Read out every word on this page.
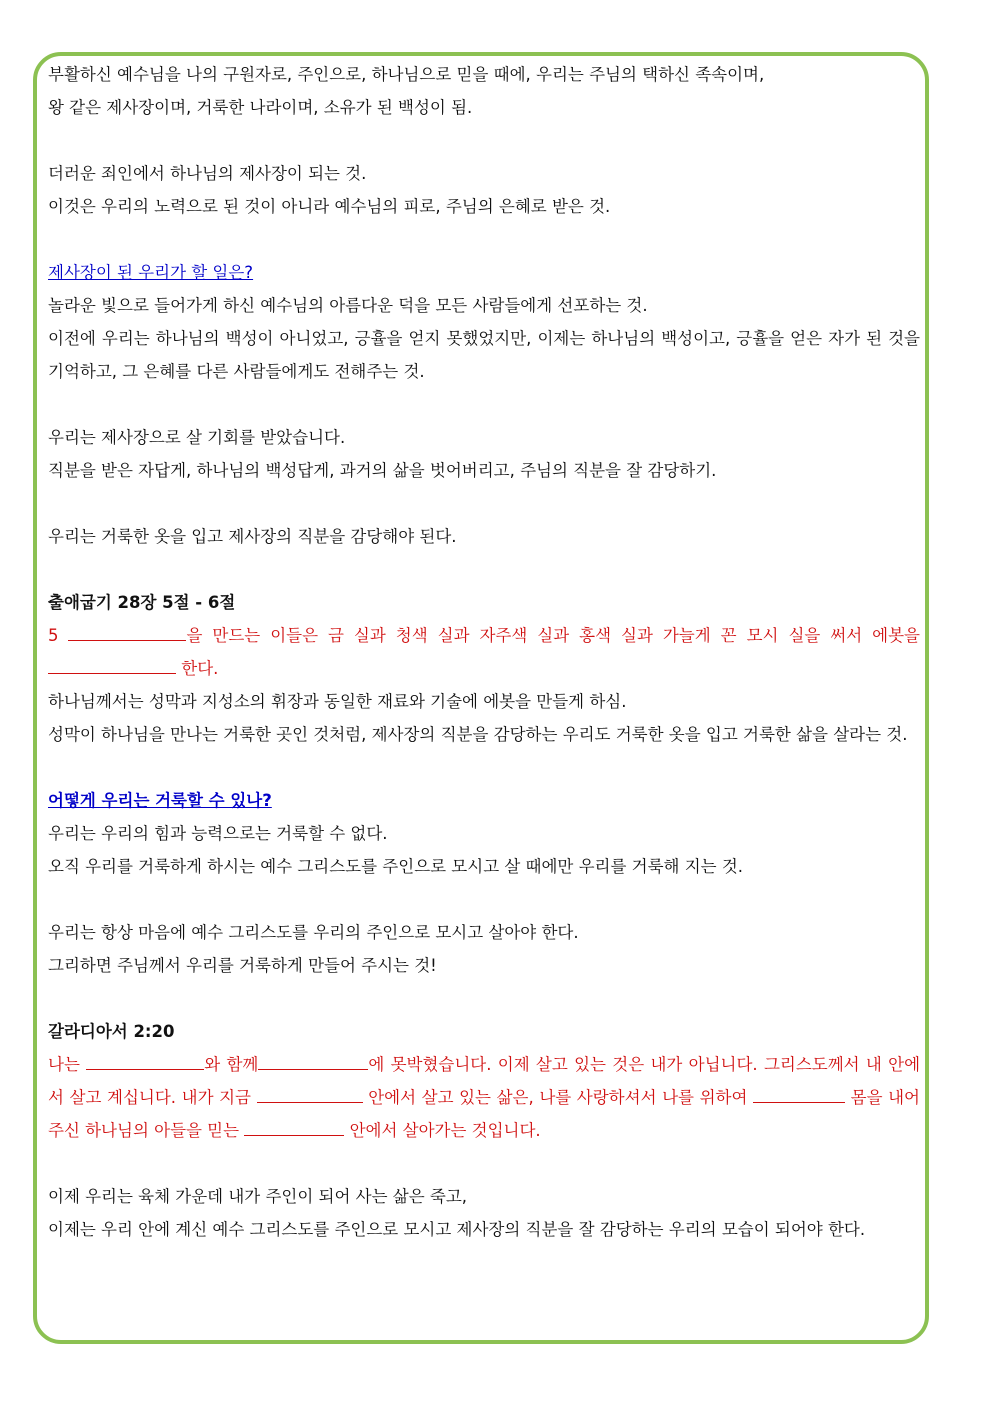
부활하신 예수님을 나의 구원자로, 주인으로, 하나님으로 믿을 때에, 우리는 주님의 택하신 족속이며,

왕 같은 제사장이며, 거룩한 나라이며, 소유가 된 백성이 됨.

더러운 죄인에서 하나님의 제사장이 되는 것.

이것은 우리의 노력으로 된 것이 아니라 예수님의 피로, 주님의 은혜로 받은 것.

제사장이 된 우리가 할 일은?

놀라운 빛으로 들어가게 하신 예수님의 아름다운 덕을 모든 사람들에게 선포하는 것.

이전에 우리는 하나님의 백성이 아니었고, 긍휼을 얻지 못했었지만, 이제는 하나님의 백성이고, 긍휼을 얻은 자가 된 것을 기억하고, 그 은혜를 다른 사람들에게도 전해주는 것.

우리는 제사장으로 살 기회를 받았습니다.

직분을 받은 자답게, 하나님의 백성답게, 과거의 삶을 벗어버리고, 주님의 직분을 잘 감당하기.

우리는 거룩한 옷을 입고 제사장의 직분을 감당해야 된다.

출애굽기 28장 5절 - 6절

5	을 만드는 이들은 금 실과 청색 실과 자주색 실과 홍색 실과 가늘게 꼰 모시 실을 써서 에봇을  한다.

하나님께서는 성막과 지성소의 휘장과 동일한 재료와 기술에 에봇을 만들게 하심.

성막이 하나님을 만나는 거룩한 곳인 것처럼, 제사장의 직분을 감당하는 우리도 거룩한 옷을 입고 거룩한 삶을 살라는 것.

어떻게 우리는 거룩할 수 있나?

우리는 우리의 힘과 능력으로는 거룩할 수 없다.

오직 우리를 거룩하게 하시는 예수 그리스도를 주인으로 모시고 살 때에만 우리를 거룩해 지는 것.

우리는 항상 마음에 예수 그리스도를 우리의 주인으로 모시고 살아야 한다.

그리하면 주님께서 우리를 거룩하게 만들어 주시는 것!

갈라디아서 2:20

나는	와 함께	에 못박혔습니다. 이제 살고 있는 것은 내가 아닙니다. 그리스도께서 내 안에서 살고 계십니다. 내가 지금	안에서 살고 있는 삶은, 나를 사랑하셔서 나를 위하여	몸을 내어주신 하나님의 아들을 믿는	안에서 살아가는 것입니다.

이제 우리는 육체 가운데 내가 주인이 되어 사는 삶은 죽고,

이제는 우리 안에 계신 예수 그리스도를 주인으로 모시고 제사장의 직분을 잘 감당하는 우리의 모습이 되어야 한다.
